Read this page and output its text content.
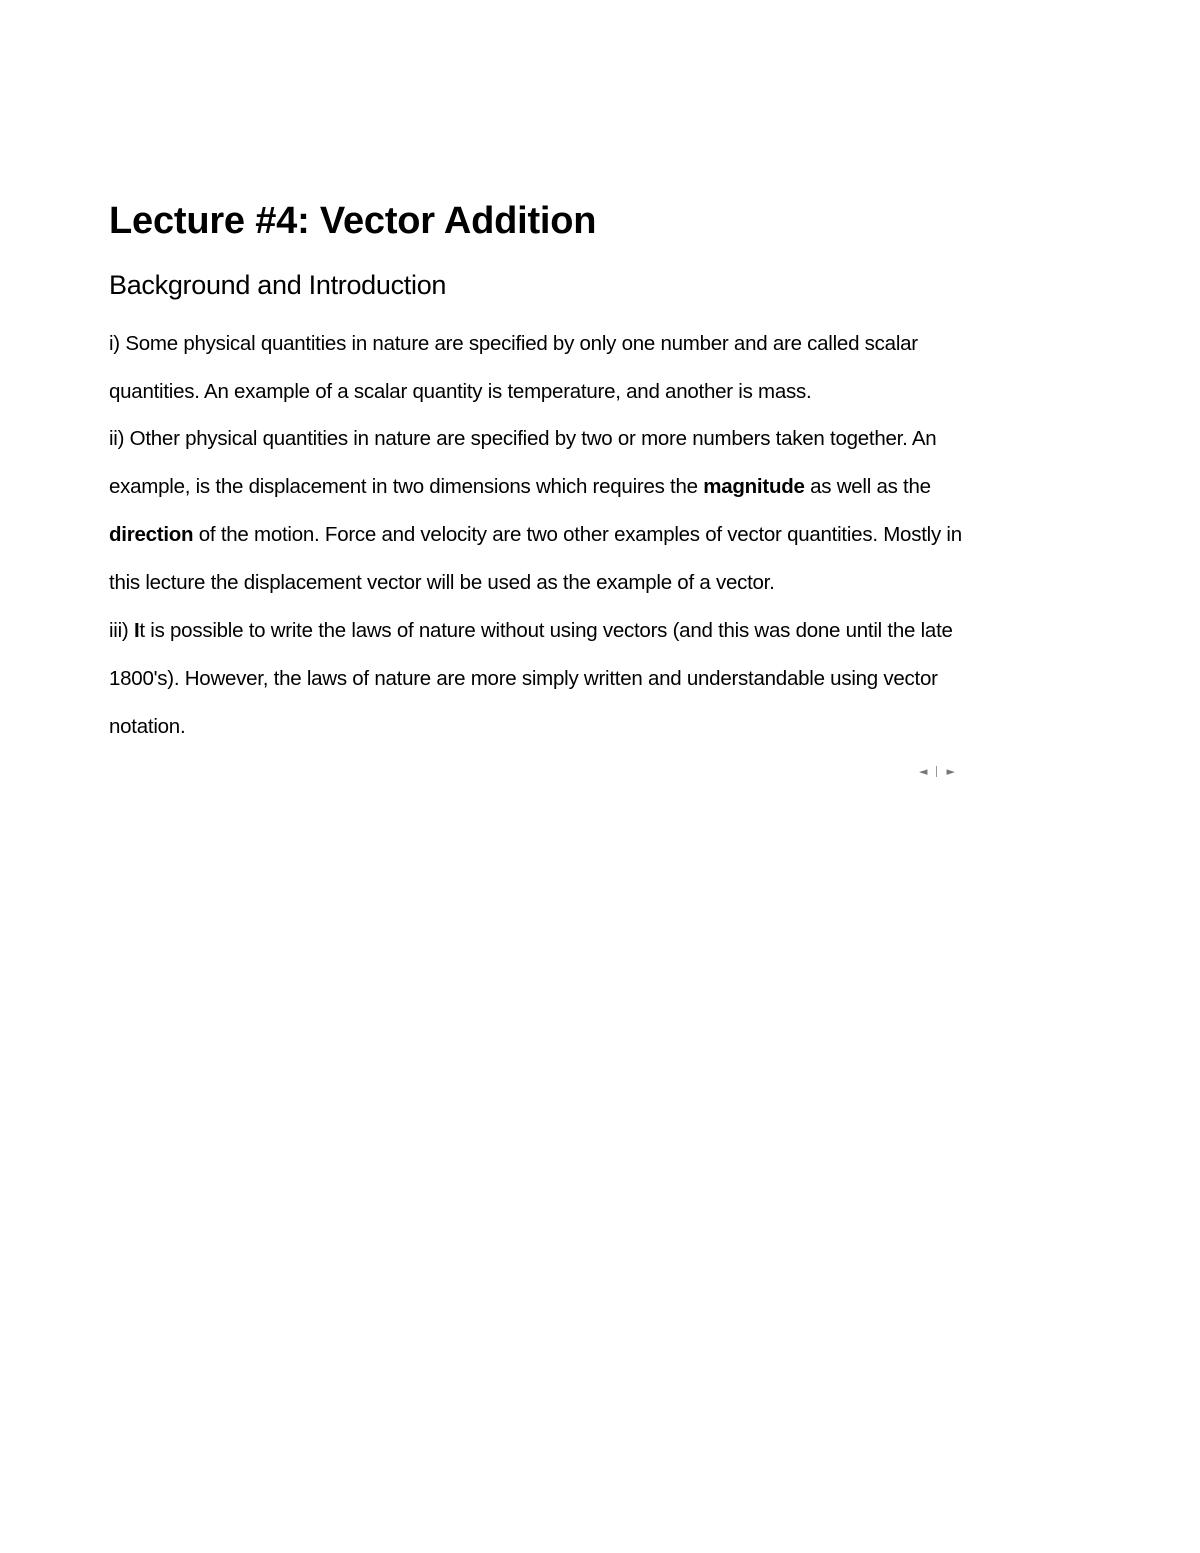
Lecture #4: Vector Addition
Background and Introduction
i) Some physical quantities in nature are specified by only one number and are called scalar
quantities. An example of a scalar quantity is temperature, and another is mass.
ii) Other physical quantities in nature are specified by two or more numbers taken together. An
example, is the displacement in two dimensions which requires the magnitude as well as the
direction of the motion. Force and velocity are two other examples of vector quantities. Mostly in
this lecture the displacement vector will be used as the example of a vector.
iii) It is possible to write the laws of nature without using vectors (and this was done until the late
1800's). However, the laws of nature are more simply written and understandable using vector
notation.
◄ ►
